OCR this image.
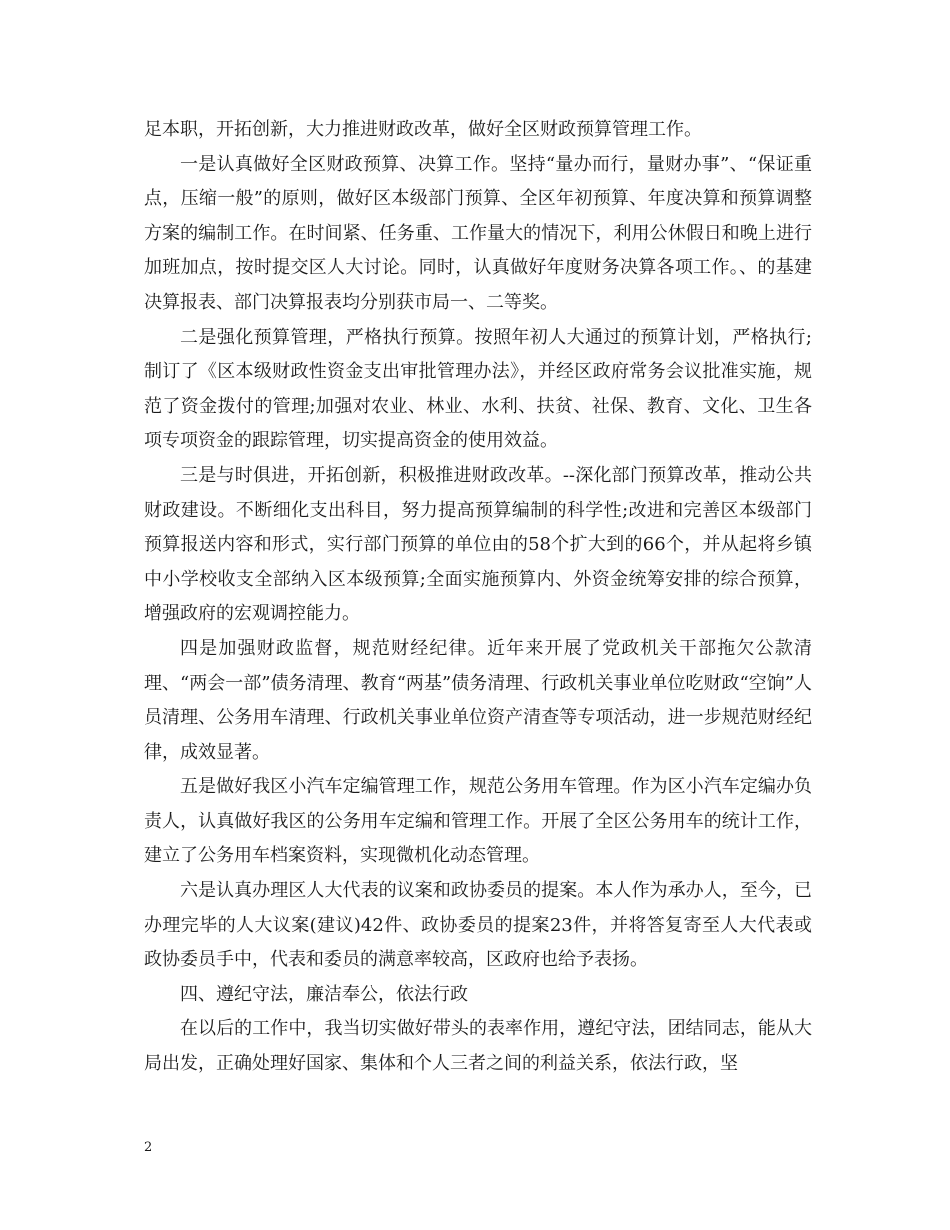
足本职，开拓创新，大力推进财政改革，做好全区财政预算管理工作。

一是认真做好全区财政预算、决算工作。坚持“量办而行，量财办事”、“保证重点，压缩一般”的原则，做好区本级部门预算、全区年初预算、年度决算和预算调整方案的编制工作。在时间紧、任务重、工作量大的情况下，利用公休假日和晚上进行加班加点，按时提交区人大讨论。同时，认真做好年度财务决算各项工作。、的基建决算报表、部门决算报表均分别获市局一、二等奖。

二是强化预算管理，严格执行预算。按照年初人大通过的预算计划，严格执行;制订了《区本级财政性资金支出审批管理办法》，并经区政府常务会议批准实施，规范了资金拨付的管理;加强对农业、林业、水利、扶贫、社保、教育、文化、卫生各项专项资金的跟踪管理，切实提高资金的使用效益。

三是与时俱进，开拓创新，积极推进财政改革。--深化部门预算改革，推动公共财政建设。不断细化支出科目，努力提高预算编制的科学性;改进和完善区本级部门预算报送内容和形式，实行部门预算的单位由的58个扩大到的66个，并从起将乡镇中小学校收支全部纳入区本级预算;全面实施预算内、外资金统筹安排的综合预算，增强政府的宏观调控能力。

四是加强财政监督，规范财经纪律。近年来开展了党政机关干部拖欠公款清理、“两会一部”债务清理、教育“两基”债务清理、行政机关事业单位吃财政“空饷”人员清理、公务用车清理、行政机关事业单位资产清查等专项活动，进一步规范财经纪律，成效显著。

五是做好我区小汽车定编管理工作，规范公务用车管理。作为区小汽车定编办负责人，认真做好我区的公务用车定编和管理工作。开展了全区公务用车的统计工作，建立了公务用车档案资料，实现微机化动态管理。

六是认真办理区人大代表的议案和政协委员的提案。本人作为承办人，至今，已办理完毕的人大议案(建议)42件、政协委员的提案23件，并将答复寄至人大代表或政协委员手中，代表和委员的满意率较高，区政府也给予表扬。

四、遵纪守法，廉洁奉公，依法行政

在以后的工作中，我当切实做好带头的表率作用，遵纪守法，团结同志，能从大局出发，正确处理好国家、集体和个人三者之间的利益关系，依法行政，坚

2
